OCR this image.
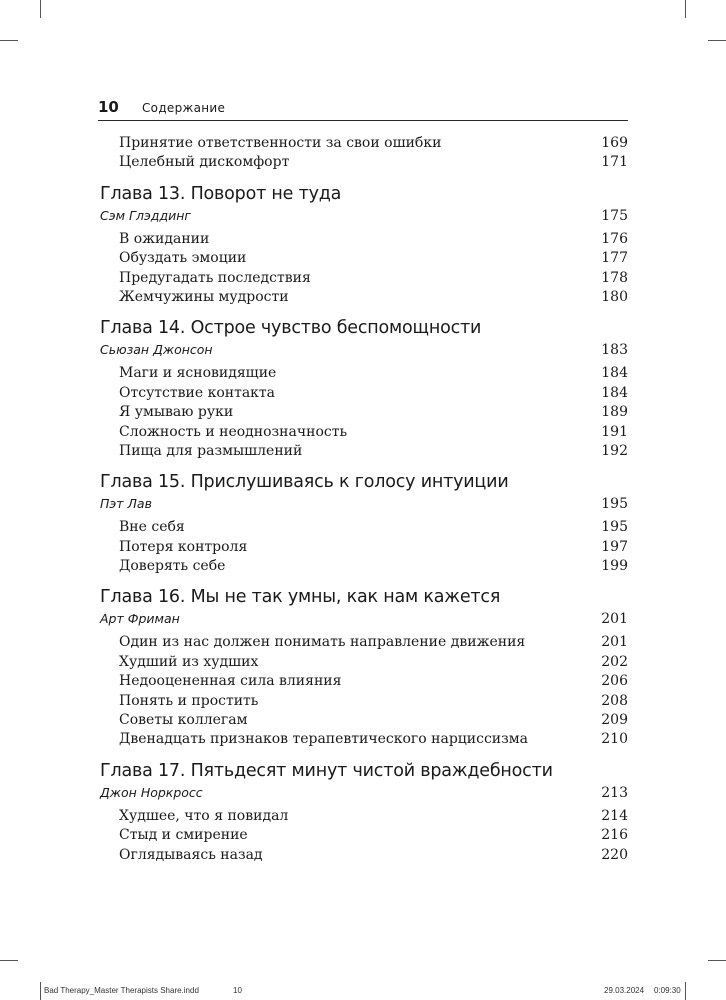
10 Содержание
Принятие ответственности за свои ошибки	169
Целебный дискомфорт	171
Глава 13. Поворот не туда
Сэм Глэддинг	175
В ожидании	176
Обуздать эмоции	177
Предугадать последствия	178
Жемчужины мудрости	180
Глава 14. Острое чувство беспомощности
Сьюзан Джонсон	183
Маги и ясновидящие	184
Отсутствие контакта	184
Я умываю руки	189
Сложность и неоднозначность	191
Пища для размышлений	192
Глава 15. Прислушиваясь к голосу интуиции
Пэт Лав	195
Вне себя	195
Потеря контроля	197
Доверять себе	199
Глава 16. Мы не так умны, как нам кажется
Арт Фриман	201
Один из нас должен понимать направление движения	201
Худший из худших	202
Недооцененная сила влияния	206
Понять и простить	208
Советы коллегам	209
Двенадцать признаков терапевтического нарциссизма	210
Глава 17. Пятьдесят минут чистой враждебности
Джон Норкросс	213
Худшее, что я повидал	214
Стыд и смирение	216
Оглядываясь назад	220
Bad Therapy_Master Therapists Share.indd	10	29.03.2024 0:09:30
